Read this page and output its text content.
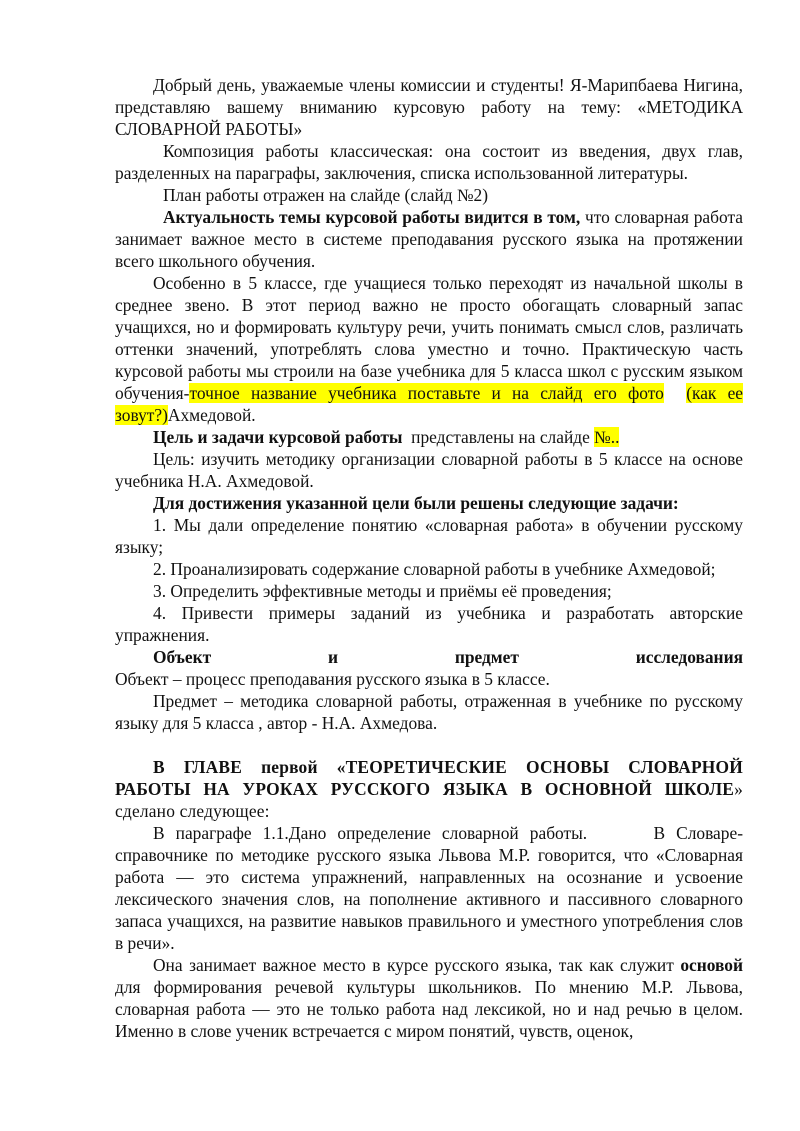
Добрый день, уважаемые члены комиссии и студенты! Я-Марипбаева Нигина, представляю вашему вниманию курсовую работу на тему: «МЕТОДИКА СЛОВАРНОЙ РАБОТЫ»

Композиция работы классическая: она состоит из введения, двух глав, разделенных на параграфы, заключения, списка использованной литературы.

План работы отражен на слайде (слайд №2)

Актуальность темы курсовой работы видится в том, что словарная работа занимает важное место в системе преподавания русского языка на протяжении всего школьного обучения.

Особенно в 5 классе, где учащиеся только переходят из начальной школы в среднее звено. В этот период важно не просто обогащать словарный запас учащихся, но и формировать культуру речи, учить понимать смысл слов, различать оттенки значений, употреблять слова уместно и точно. Практическую часть курсовой работы мы строили на базе учебника для 5 класса школ с русским языком обучения-точное название учебника поставьте и на слайд его фото (как ее зовут?)Ахмедовой.

Цель и задачи курсовой работы  представлены на слайде №..

Цель: изучить методику организации словарной работы в 5 классе на основе учебника Н.А. Ахмедовой.

Для достижения указанной цели были решены следующие задачи:

1. Мы дали определение понятию «словарная работа» в обучении русскому языку;

2. Проанализировать содержание словарной работы в учебнике Ахмедовой;

3. Определить эффективные методы и приёмы её проведения;

4. Привести примеры заданий из учебника и разработать авторские упражнения.

Объект и предмет исследования

Объект – процесс преподавания русского языка в 5 классе.

Предмет – методика словарной работы, отраженная в учебнике по русскому языку для 5 класса , автор - Н.А. Ахмедова.

В ГЛАВЕ первой «ТЕОРЕТИЧЕСКИЕ ОСНОВЫ СЛОВАРНОЙ РАБОТЫ НА УРОКАХ РУССКОГО ЯЗЫКА В ОСНОВНОЙ ШКОЛЕ» сделано следующее:

В параграфе 1.1.Дано определение словарной работы.      В Словаре-справочнике по методике русского языка Львова М.Р. говорится, что «Словарная работа — это система упражнений, направленных на осознание и усвоение лексического значения слов, на пополнение активного и пассивного словарного запаса учащихся, на развитие навыков правильного и уместного употребления слов в речи».

Она занимает важное место в курсе русского языка, так как служит основой для формирования речевой культуры школьников. По мнению М.Р. Львова, словарная работа — это не только работа над лексикой, но и над речью в целом. Именно в слове ученик встречается с миром понятий, чувств, оценок,
